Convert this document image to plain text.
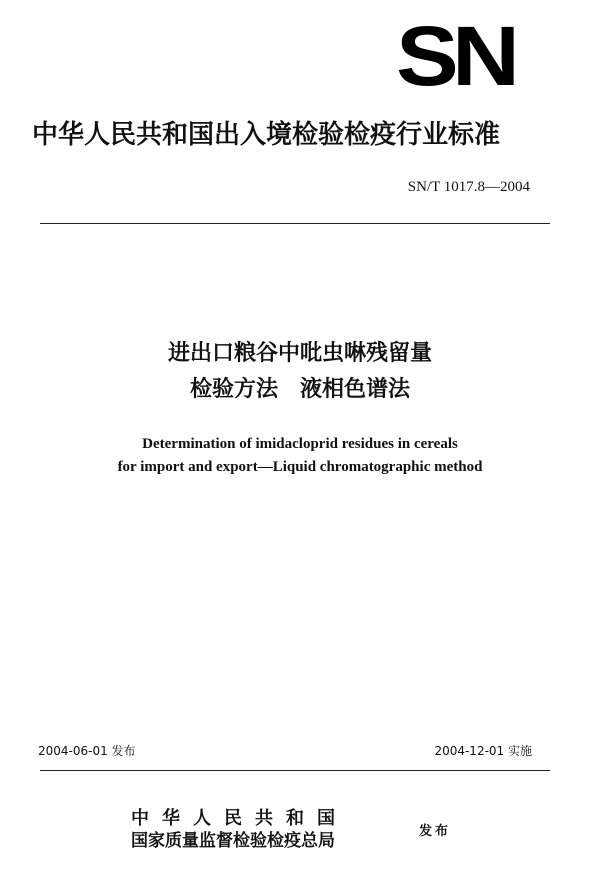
SN
中华人民共和国出入境检验检疫行业标准
SN/T 1017.8—2004
进出口粮谷中吡虫啉残留量
检验方法　液相色谱法
Determination of imidacloprid residues in cereals
for import and export—Liquid chromatographic method
2004-06-01 发布	2004-12-01 实施
中华人民共和国
国家质量监督检验检疫总局	发布
